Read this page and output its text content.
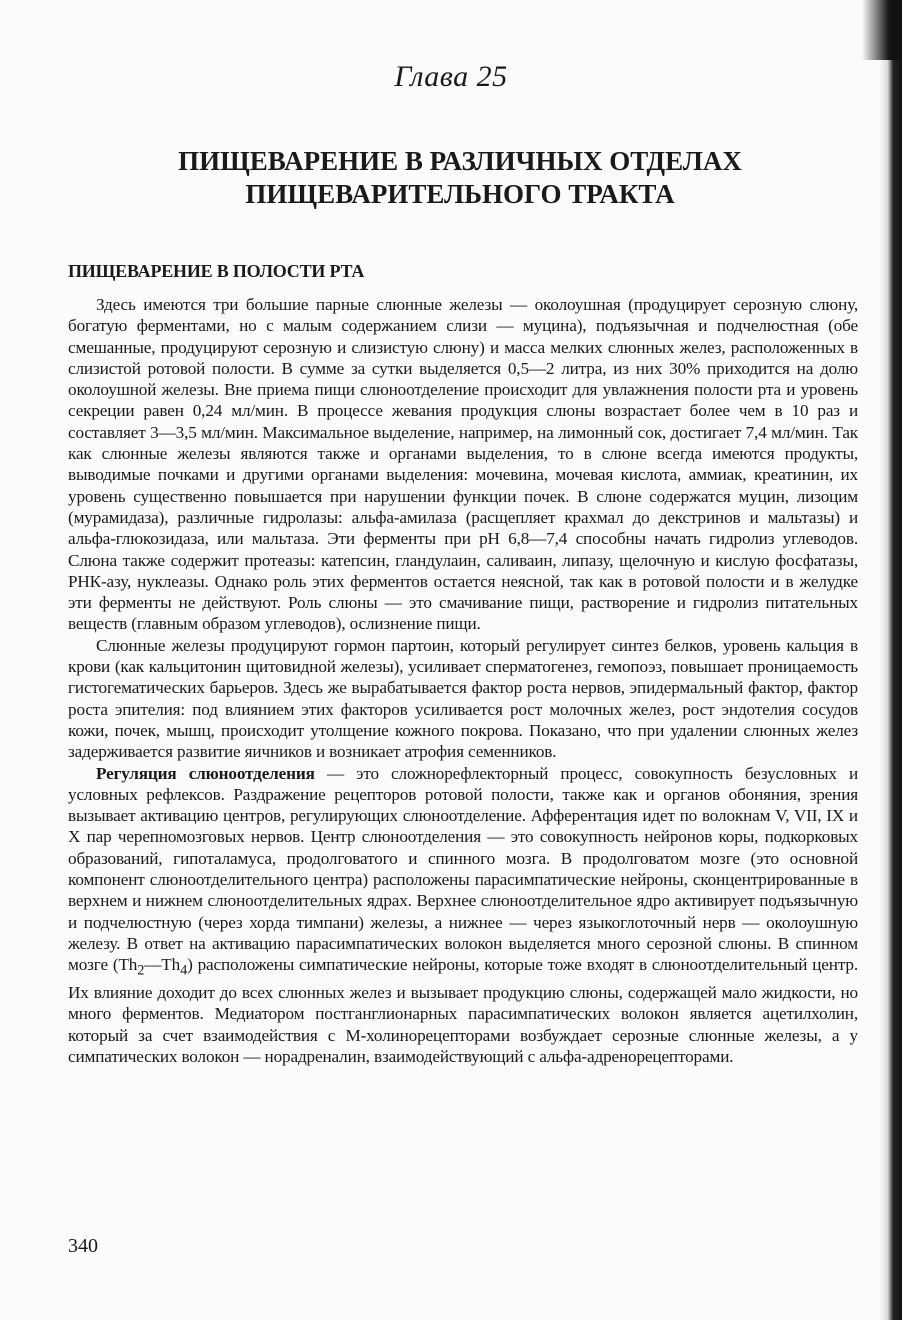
Глава 25
ПИЩЕВАРЕНИЕ В РАЗЛИЧНЫХ ОТДЕЛАХ
ПИЩЕВАРИТЕЛЬНОГО ТРАКТА
ПИЩЕВАРЕНИЕ В ПОЛОСТИ РТА

Здесь имеются три большие парные слюнные железы — околоушная (продуцирует серозную слюну, богатую ферментами, но с малым содержанием слизи — муцина), подъязычная и подчелюстная (обе смешанные, продуцируют серозную и слизистую слюну) и масса мелких слюнных желез, расположенных в слизистой ротовой полости. В сумме за сутки выделяется 0,5—2 литра, из них 30% приходится на долю околоушной железы. Вне приема пищи слюноотделение происходит для увлажнения полости рта и уровень секреции равен 0,24 мл/мин. В процессе жевания продукция слюны возрастает более чем в 10 раз и составляет 3—3,5 мл/мин. Максимальное выделение, например, на лимонный сок, достигает 7,4 мл/мин. Так как слюнные железы являются также и органами выделения, то в слюне всегда имеются продукты, выводимые почками и другими органами выделения: мочевина, мочевая кислота, аммиак, креатинин, их уровень существенно повышается при нарушении функции почек. В слюне содержатся муцин, лизоцим (мурамидаза), различные гидролазы: альфа-амилаза (расщепляет крахмал до декстринов и мальтазы) и альфа-глюкозидаза, или мальтаза. Эти ферменты при рН 6,8—7,4 способны начать гидролиз углеводов. Слюна также содержит протеазы: катепсин, гландулаин, саливаин, липазу, щелочную и кислую фосфатазы, РНК-азу, нуклеазы. Однако роль этих ферментов остается неясной, так как в ротовой полости и в желудке эти ферменты не действуют. Роль слюны — это смачивание пищи, растворение и гидролиз питательных веществ (главным образом углеводов), ослизнение пищи.

Слюнные железы продуцируют гормон партоин, который регулирует синтез белков, уровень кальция в крови (как кальцитонин щитовидной железы), усиливает сперматогенез, гемопоэз, повышает проницаемость гистогематических барьеров. Здесь же вырабатывается фактор роста нервов, эпидермальный фактор, фактор роста эпителия: под влиянием этих факторов усиливается рост молочных желез, рост эндотелия сосудов кожи, почек, мышц, происходит утолщение кожного покрова. Показано, что при удалении слюнных желез задерживается развитие яичников и возникает атрофия семенников.

Регуляция слюноотделения — это сложнорефлекторный процесс, совокупность безусловных и условных рефлексов. Раздражение рецепторов ротовой полости, также как и органов обоняния, зрения вызывает активацию центров, регулирующих слюноотделение. Афферентация идет по волокнам V, VII, IX и X пар черепномозговых нервов. Центр слюноотделения — это совокупность нейронов коры, подкорковых образований, гипоталамуса, продолговатого и спинного мозга. В продолговатом мозге (это основной компонент слюноотделительного центра) расположены парасимпатические нейроны, сконцентрированные в верхнем и нижнем слюноотделительных ядрах. Верхнее слюноотделительное ядро активирует подъязычную и подчелюстную (через хорда тимпани) железы, а нижнее — через языкоглоточный нерв — околоушную железу. В ответ на активацию парасимпатических волокон выделяется много серозной слюны. В спинном мозге $(Th_2—Th_4)$ расположены симпатические нейроны, которые тоже входят в слюноотделительный центр. Их влияние доходит до всех слюнных желез и вызывает продукцию слюны, содержащей мало жидкости, но много ферментов. Медиатором постганглионарных парасимпатических волокон является ацетилхолин, который за счет взаимодействия с М-холинорецепторами возбуждает серозные слюнные железы, а у симпатических волокон — норадреналин, взаимодействующий с альфа-адренорецепторами.

340
